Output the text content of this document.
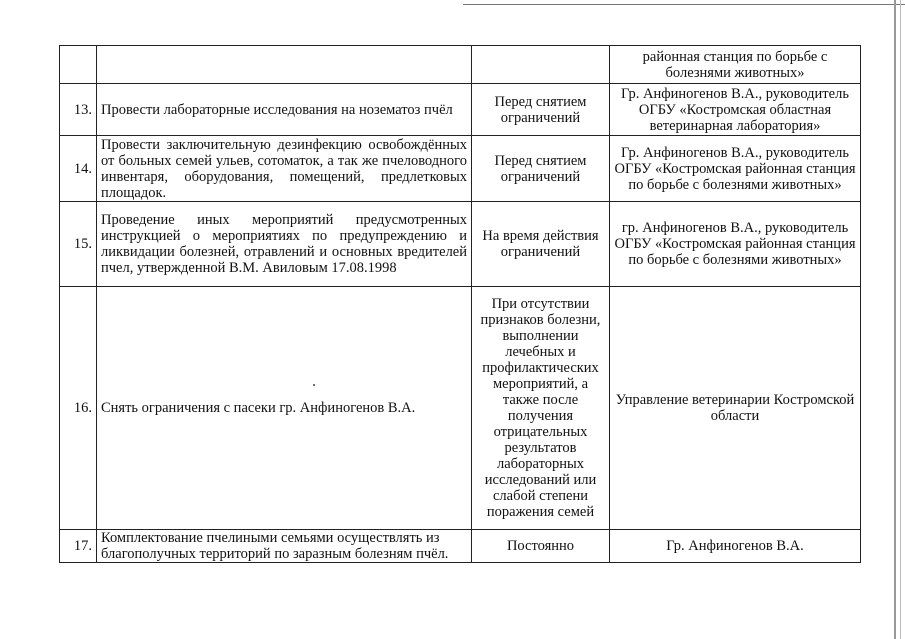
			районная станция по борьбе с болезнями животных»
13.	Провести лабораторные исследования на нозематоз пчёл	Перед снятием ограничений	Гр. Анфиногенов В.А., руководитель ОГБУ «Костромская областная ветеринарная лаборатория»
14.	Провести заключительную дезинфекцию освобождённых от больных семей ульев, сотоматок, а так же пчеловодного инвентаря, оборудования, помещений, предлетковых площадок.	Перед снятием ограничений	Гр. Анфиногенов В.А., руководитель ОГБУ «Костромская районная станция по борьбе с болезнями животных»
15.	Проведение иных мероприятий предусмотренных инструкцией о мероприятиях по предупреждению и ликвидации болезней, отравлений и основных вредителей пчел, утвержденной В.М. Авиловым 17.08.1998	На время действия ограничений	гр. Анфиногенов В.А., руководитель ОГБУ «Костромская районная станция по борьбе с болезнями животных»
16.	Снять ограничения с пасеки гр. Анфиногенов В.А.	При отсутствии признаков болезни, выполнении лечебных и профилактических мероприятий, а также после получения отрицательных результатов лабораторных исследований или слабой степени поражения семей	Управление ветеринарии Костромской области
17.	Комплектование пчелиными семьями осуществлять из благополучных территорий по заразным болезням пчёл.	Постоянно	Гр. Анфиногенов В.А.
